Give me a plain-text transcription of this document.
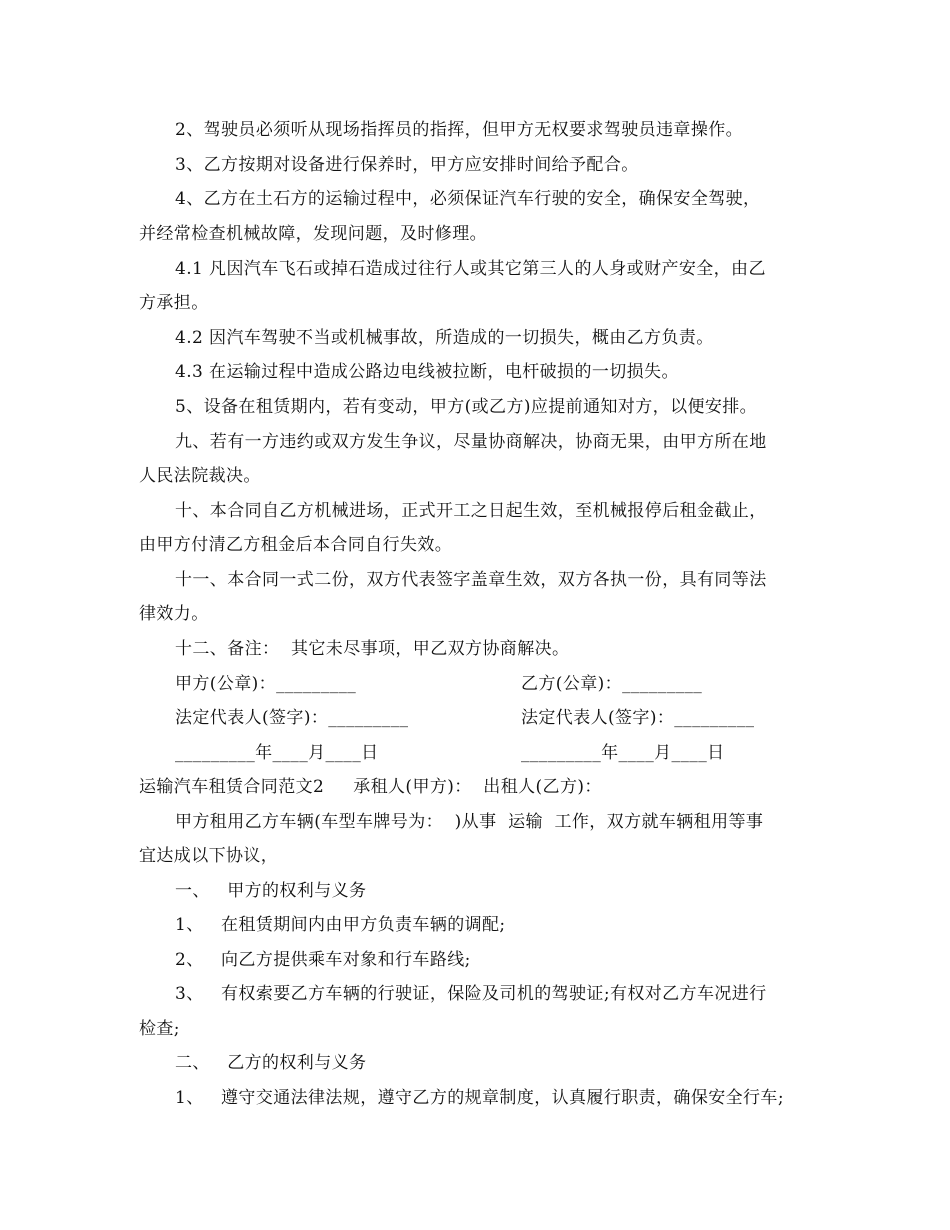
2、驾驶员必须听从现场指挥员的指挥，但甲方无权要求驾驶员违章操作。
3、乙方按期对设备进行保养时，甲方应安排时间给予配合。
4、乙方在土石方的运输过程中，必须保证汽车行驶的安全，确保安全驾驶，
并经常检查机械故障，发现问题，及时修理。
4.1 凡因汽车飞石或掉石造成过往行人或其它第三人的人身或财产安全，由乙
方承担。
4.2 因汽车驾驶不当或机械事故，所造成的一切损失，概由乙方负责。
4.3 在运输过程中造成公路边电线被拉断，电杆破损的一切损失。
5、设备在租赁期内，若有变动，甲方(或乙方)应提前通知对方，以便安排。
九、若有一方违约或双方发生争议，尽量协商解决，协商无果，由甲方所在地
人民法院裁决。
十、本合同自乙方机械进场，正式开工之日起生效，至机械报停后租金截止，
由甲方付清乙方租金后本合同自行失效。
十一、本合同一式二份，双方代表签字盖章生效，双方各执一份，具有同等法
律效力。
十二、备注：  其它未尽事项，甲乙双方协商解决。
甲方(公章)：_________	乙方(公章)：_________
法定代表人(签字)：_________	法定代表人(签字)：_________
_________年____月____日	_________年____月____日
运输汽车租赁合同范文2     承租人(甲方)：  出租人(乙方)：
甲方租用乙方车辆(车型车牌号为：  )从事  运输  工作，双方就车辆租用等事
宜达成以下协议，
一、   甲方的权利与义务
1、   在租赁期间内由甲方负责车辆的调配;
2、   向乙方提供乘车对象和行车路线;
3、   有权索要乙方车辆的行驶证，保险及司机的驾驶证;有权对乙方车况进行
检查;
二、   乙方的权利与义务
1、   遵守交通法律法规，遵守乙方的规章制度，认真履行职责，确保安全行车;
